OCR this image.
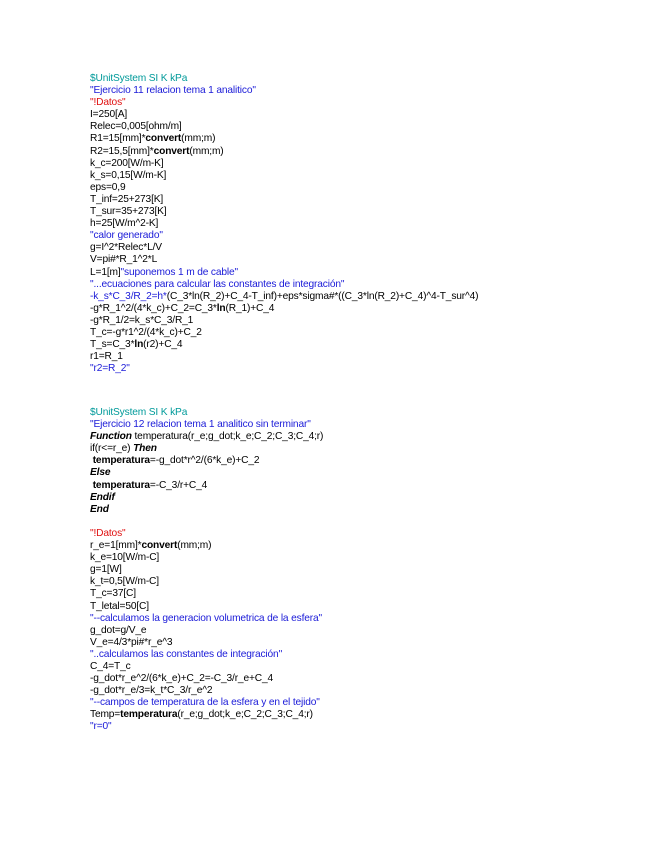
$UnitSystem SI K kPa
"Ejercicio 11 relacion tema 1 analitico"
"!Datos"
I=250[A]
Relec=0,005[ohm/m]
R1=15[mm]*convert(mm;m)
R2=15,5[mm]*convert(mm;m)
k_c=200[W/m-K]
k_s=0,15[W/m-K]
eps=0,9
T_inf=25+273[K]
T_sur=35+273[K]
h=25[W/m^2-K]
"calor generado"
g=I^2*Relec*L/V
V=pi#*R_1^2*L
L=1[m]"suponemos 1 m de cable"
"...ecuaciones para calcular las constantes de integración"
-k_s*C_3/R_2=h*(C_3*ln(R_2)+C_4-T_inf)+eps*sigma#*((C_3*ln(R_2)+C_4)^4-T_sur^4)
-g*R_1^2/(4*k_c)+C_2=C_3*ln(R_1)+C_4
-g*R_1/2=k_s*C_3/R_1
T_c=-g*r1^2/(4*k_c)+C_2
T_s=C_3*ln(r2)+C_4
r1=R_1
"r2=R_2"
$UnitSystem SI K kPa
"Ejercicio 12 relacion tema 1 analitico sin terminar"
Function temperatura(r_e;g_dot;k_e;C_2;C_3;C_4;r)
if(r<=r_e) Then
temperatura=-g_dot*r^2/(6*k_e)+C_2
Else
temperatura=-C_3/r+C_4
Endif
End
"!Datos"
r_e=1[mm]*convert(mm;m)
k_e=10[W/m-C]
g=1[W]
k_t=0,5[W/m-C]
T_c=37[C]
T_letal=50[C]
"--calculamos la generacion volumetrica de la esfera"
g_dot=g/V_e
V_e=4/3*pi#*r_e^3
"..calculamos las constantes de integración"
C_4=T_c
-g_dot*r_e^2/(6*k_e)+C_2=-C_3/r_e+C_4
-g_dot*r_e/3=k_t*C_3/r_e^2
"--campos de temperatura de la esfera y en el tejido"
Temp=temperatura(r_e;g_dot;k_e;C_2;C_3;C_4;r)
"r=0"
